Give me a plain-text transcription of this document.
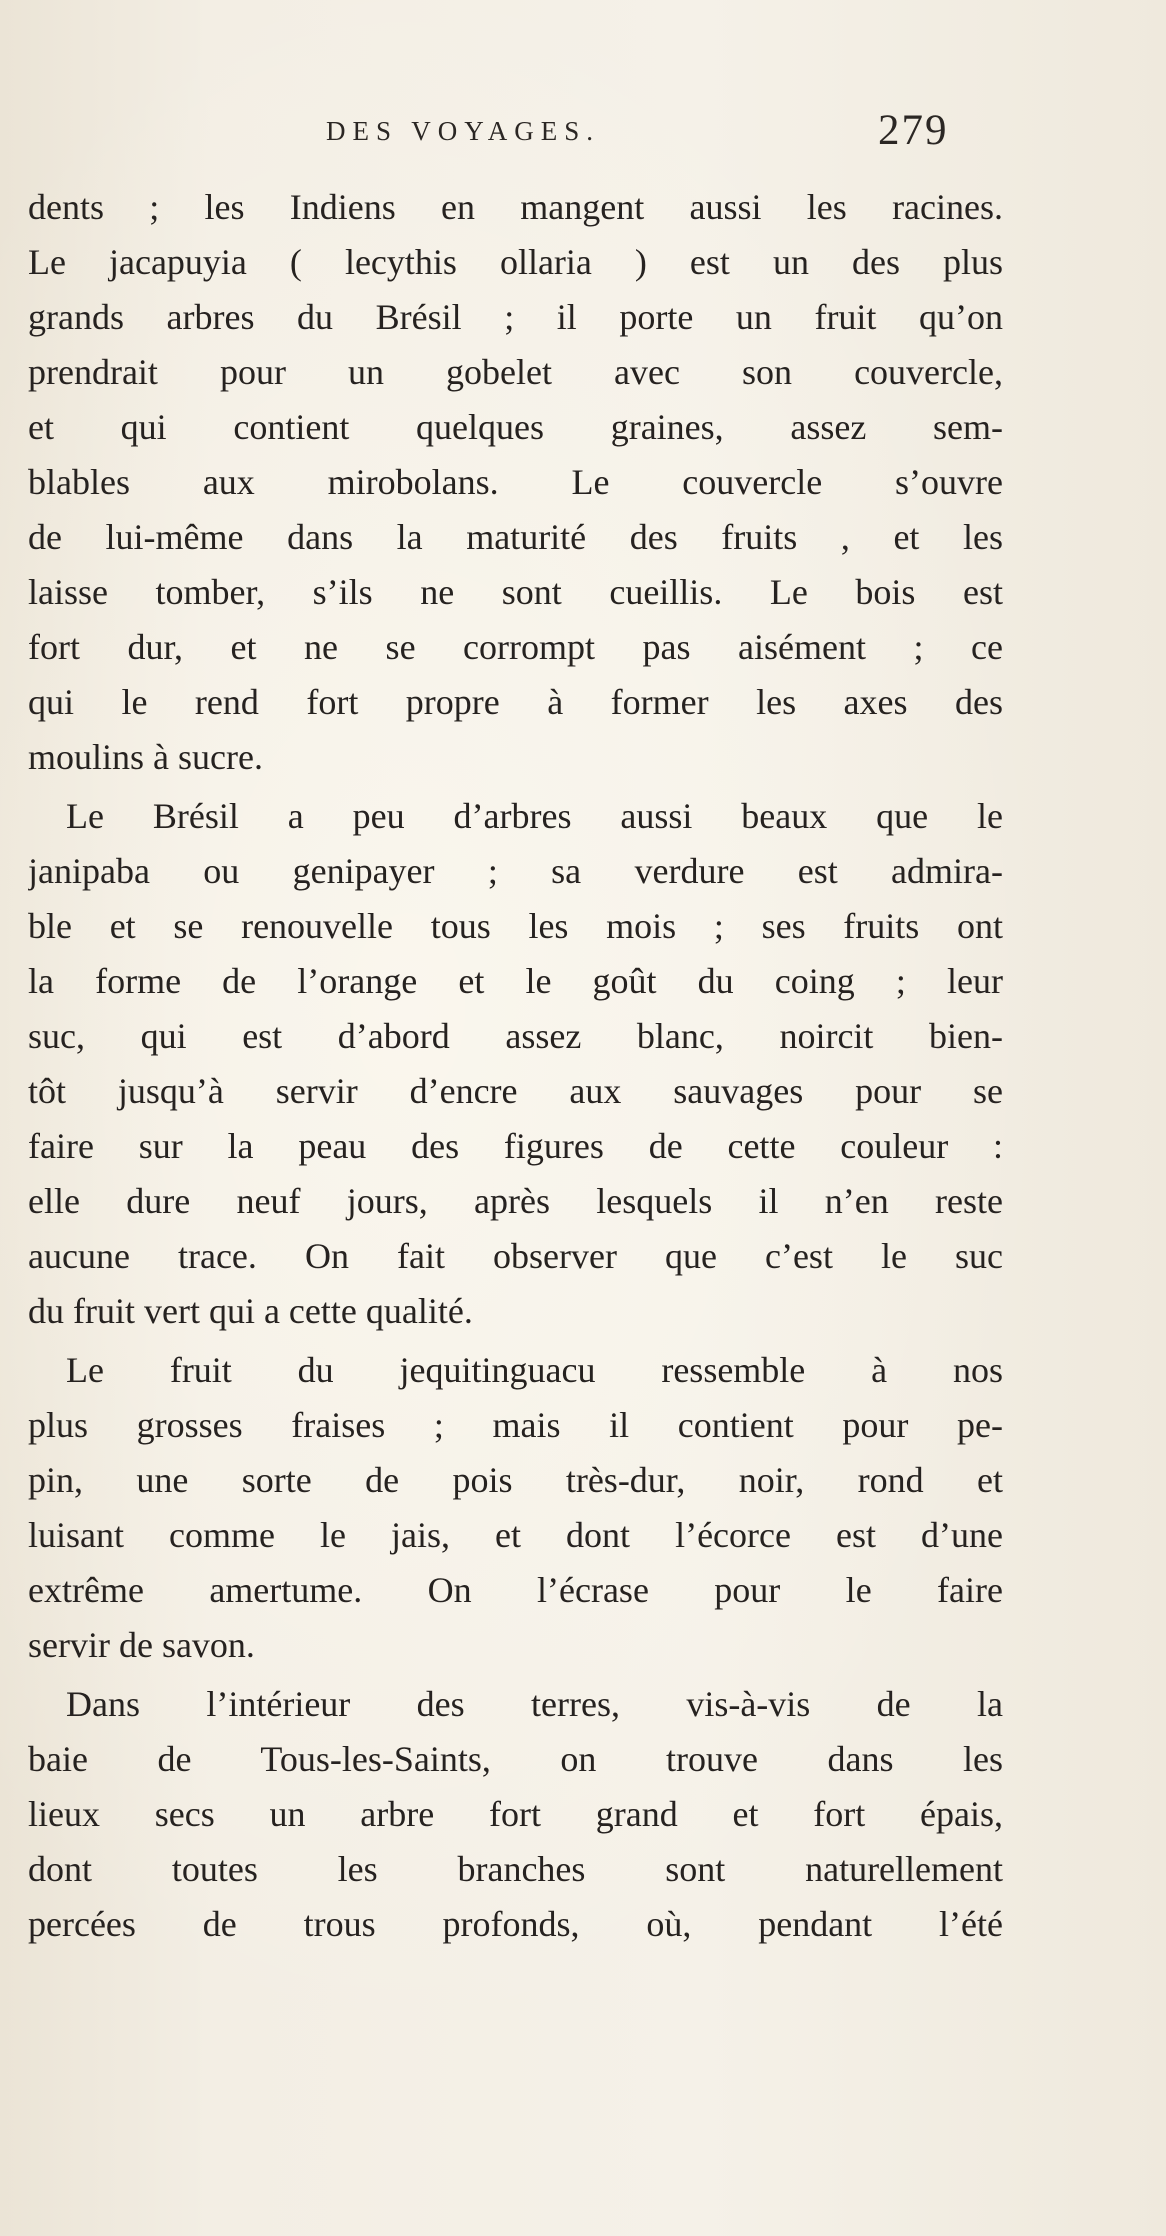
DES VOYAGES.	279
dents ; les Indiens en mangent aussi les racines.
Le jacapuyia ( lecythis ollaria ) est un des plus
grands arbres du Brésil ; il porte un fruit qu’on
prendrait pour un gobelet avec son couvercle,
et qui contient quelques graines, assez sem-
blables aux mirobolans. Le couvercle s’ouvre
de lui-même dans la maturité des fruits , et les
laisse tomber, s’ils ne sont cueillis. Le bois est
fort dur, et ne se corrompt pas aisément ; ce
qui le rend fort propre à former les axes des
moulins à sucre.
Le Brésil a peu d’arbres aussi beaux que le
janipaba ou genipayer ; sa verdure est admira-
ble et se renouvelle tous les mois ; ses fruits ont
la forme de l’orange et le goût du coing ; leur
suc, qui est d’abord assez blanc, noircit bien-
tôt jusqu’à servir d’encre aux sauvages pour se
faire sur la peau des figures de cette couleur :
elle dure neuf jours, après lesquels il n’en reste
aucune trace. On fait observer que c’est le suc
du fruit vert qui a cette qualité.
Le fruit du jequitinguacu ressemble à nos
plus grosses fraises ; mais il contient pour pe-
pin, une sorte de pois très-dur, noir, rond et
luisant comme le jais, et dont l’écorce est d’une
extrême amertume. On l’écrase pour le faire
servir de savon.
Dans l’intérieur des terres, vis-à-vis de la
baie de Tous-les-Saints, on trouve dans les
lieux secs un arbre fort grand et fort épais,
dont toutes les branches sont naturellement
percées de trous profonds, où, pendant l’été
